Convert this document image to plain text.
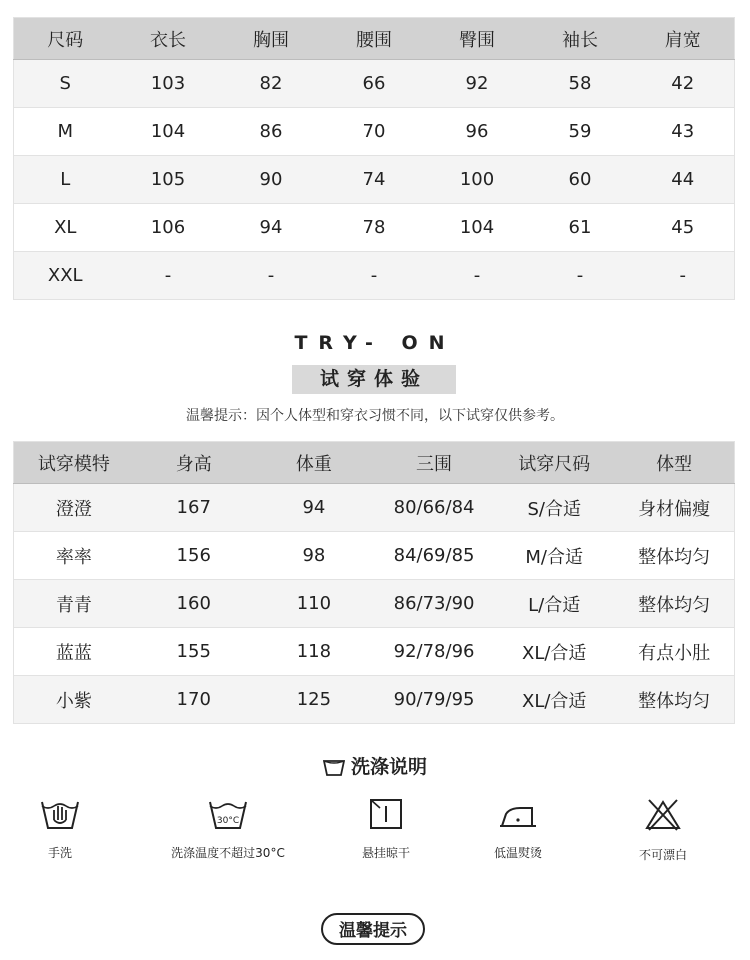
尺码	衣长	胸围	腰围	臀围	袖长	肩宽
S	103	82	66	92	58	42
M	104	86	70	96	59	43
L	105	90	74	100	60	44
XL	106	94	78	104	61	45
XXL	-	-	-	-	-	-
TRY- ON
试穿体验
温馨提示：因个人体型和穿衣习惯不同，以下试穿仅供参考。
试穿模特	身高	体重	三围	试穿尺码	体型
澄澄	167	94	80/66/84	S/合适	身材偏瘦
率率	156	98	84/69/85	M/合适	整体均匀
青青	160	110	86/73/90	L/合适	整体均匀
蓝蓝	155	118	92/78/96	XL/合适	有点小肚
小紫	170	125	90/79/95	XL/合适	整体均匀
洗涤说明
手洗
30°C
洗涤温度不超过30°C	悬挂晾干	低温熨烫	不可漂白
温馨提示
